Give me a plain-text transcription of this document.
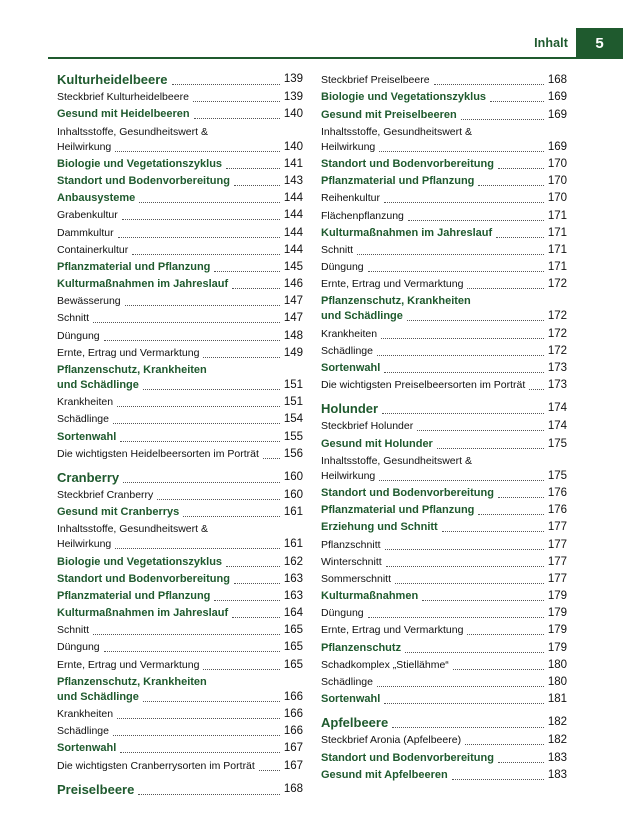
Inhalt 5
Kulturheidelbeere	139
Steckbrief Kulturheidelbeere	139
Gesund mit Heidelbeeren	140
Inhaltsstoffe, Gesundheitswert &
Heilwirkung	140
Biologie und Vegetationszyklus	141
Standort und Bodenvorbereitung	143
Anbausysteme	144
Grabenkultur	144
Dammkultur	144
Containerkultur	144
Pflanzmaterial und Pflanzung	145
Kulturmaßnahmen im Jahreslauf	146
Bewässerung	147
Schnitt	147
Düngung	148
Ernte, Ertrag und Vermarktung	149
Pflanzenschutz, Krankheiten
und Schädlinge	151
Krankheiten	151
Schädlinge	154
Sortenwahl	155
Die wichtigsten Heidelbeersorten im Porträt 156
Cranberry	160
Steckbrief Cranberry	160
Gesund mit Cranberrys	161
Inhaltsstoffe, Gesundheitswert &
Heilwirkung	161
Biologie und Vegetationszyklus	162
Standort und Bodenvorbereitung	163
Pflanzmaterial und Pflanzung	163
Kulturmaßnahmen im Jahreslauf	164
Schnitt	165
Düngung	165
Ernte, Ertrag und Vermarktung	165
Pflanzenschutz, Krankheiten
und Schädlinge	166
Krankheiten	166
Schädlinge	166
Sortenwahl	167
Die wichtigsten Cranberrysorten im Porträt	167
Preiselbeere	168
Steckbrief Preiselbeere	168
Biologie und Vegetationszyklus	169
Gesund mit Preiselbeeren	169
Inhaltsstoffe, Gesundheitswert &
Heilwirkung	169
Standort und Bodenvorbereitung	170
Pflanzmaterial und Pflanzung	170
Reihenkultur	170
Flächenpflanzung	171
Kulturmaßnahmen im Jahreslauf	171
Schnitt	171
Düngung	171
Ernte, Ertrag und Vermarktung	172
Pflanzenschutz, Krankheiten
und Schädlinge	172
Krankheiten	172
Schädlinge	172
Sortenwahl	173
Die wichtigsten Preiselbeersorten im Porträt 173
Holunder	174
Steckbrief Holunder	174
Gesund mit Holunder	175
Inhaltsstoffe, Gesundheitswert &
Heilwirkung	175
Standort und Bodenvorbereitung	176
Pflanzmaterial und Pflanzung	176
Erziehung und Schnitt	177
Pflanzschnitt	177
Winterschnitt	177
Sommerschnitt	177
Kulturmaßnahmen	179
Düngung	179
Ernte, Ertrag und Vermarktung	179
Pflanzenschutz	179
Schadkomplex „Stiellähme“	180
Schädlinge	180
Sortenwahl	181
Apfelbeere	182
Steckbrief Aronia (Apfelbeere)	182
Standort und Bodenvorbereitung	183
Gesund mit Apfelbeeren	183
